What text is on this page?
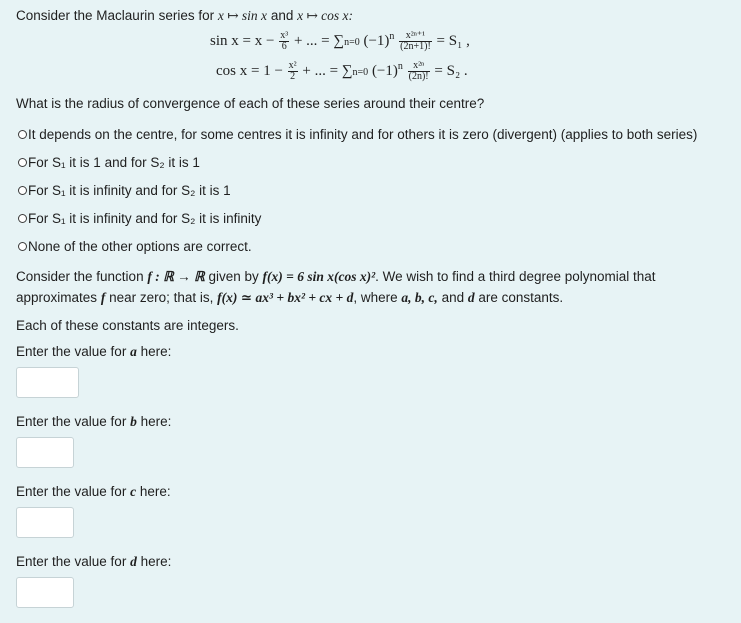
Consider the Maclaurin series for x ↦ sin x and x ↦ cos x:
$\sin x = x - \frac{\text{x³}}{6}$ + ... = ∑n=0 $(-1)^n \frac{\text{x²ⁿ⁺¹}}{(2n+1)!} = S_1$ ,
$\cos x = 1 - \frac{\text{x²}}{2}$ + ... = ∑n=0 $(-1)^n \frac{\text{x²ⁿ}}{(2n)!} = S_2$ .
What is the radius of convergence of each of these series around their centre?
It depends on the centre, for some centres it is infinity and for others it is zero (divergent) (applies to both series)
For S₁ it is 1 and for S₂ it is 1
For S₁ it is infinity and for S₂ it is 1
For S₁ it is infinity and for S₂ it is infinity
None of the other options are correct.
Consider the function f : ℝ → ℝ given by f(x) = 6 sin x(cos x)². We wish to find a third degree polynomial that
approximates f near zero; that is, f(x) ≃ ax³ + bx² + cx + d, where a, b, c, and d are constants.
Each of these constants are integers.
Enter the value for a here:
Enter the value for b here:
Enter the value for c here:
Enter the value for d here:
